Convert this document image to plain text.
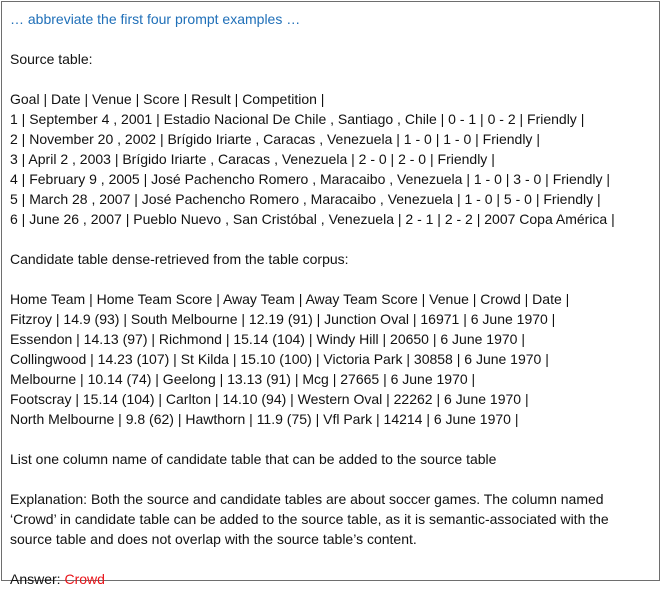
… abbreviate the first four prompt examples …
Source table:
Goal | Date | Venue | Score | Result | Competition |
1 | September 4 , 2001 | Estadio Nacional De Chile , Santiago , Chile | 0 - 1 | 0 - 2 | Friendly |
2 | November 20 , 2002 | Brígido Iriarte , Caracas , Venezuela | 1 - 0 | 1 - 0 | Friendly |
3 | April 2 , 2003 | Brígido Iriarte , Caracas , Venezuela | 2 - 0 | 2 - 0 | Friendly |
4 | February 9 , 2005 | José Pachencho Romero , Maracaibo , Venezuela | 1 - 0 | 3 - 0 | Friendly |
5 | March 28 , 2007 | José Pachencho Romero , Maracaibo , Venezuela | 1 - 0 | 5 - 0 | Friendly |
6 | June 26 , 2007 | Pueblo Nuevo , San Cristóbal , Venezuela | 2 - 1 | 2 - 2 | 2007 Copa América |
Candidate table dense-retrieved from the table corpus:
Home Team | Home Team Score | Away Team | Away Team Score | Venue | Crowd | Date |
Fitzroy | 14.9 (93) | South Melbourne | 12.19 (91) | Junction Oval | 16971 | 6 June 1970 |
Essendon | 14.13 (97) | Richmond | 15.14 (104) | Windy Hill | 20650 | 6 June 1970 |
Collingwood | 14.23 (107) | St Kilda | 15.10 (100) | Victoria Park | 30858 | 6 June 1970 |
Melbourne | 10.14 (74) | Geelong | 13.13 (91) | Mcg | 27665 | 6 June 1970 |
Footscray | 15.14 (104) | Carlton | 14.10 (94) | Western Oval | 22262 | 6 June 1970 |
North Melbourne | 9.8 (62) | Hawthorn | 11.9 (75) | Vfl Park | 14214 | 6 June 1970 |
List one column name of candidate table that can be added to the source table
Explanation: Both the source and candidate tables are about soccer games. The column named
‘Crowd’ in candidate table can be added to the source table, as it is semantic-associated with the
source table and does not overlap with the source table’s content.
Answer: Crowd
